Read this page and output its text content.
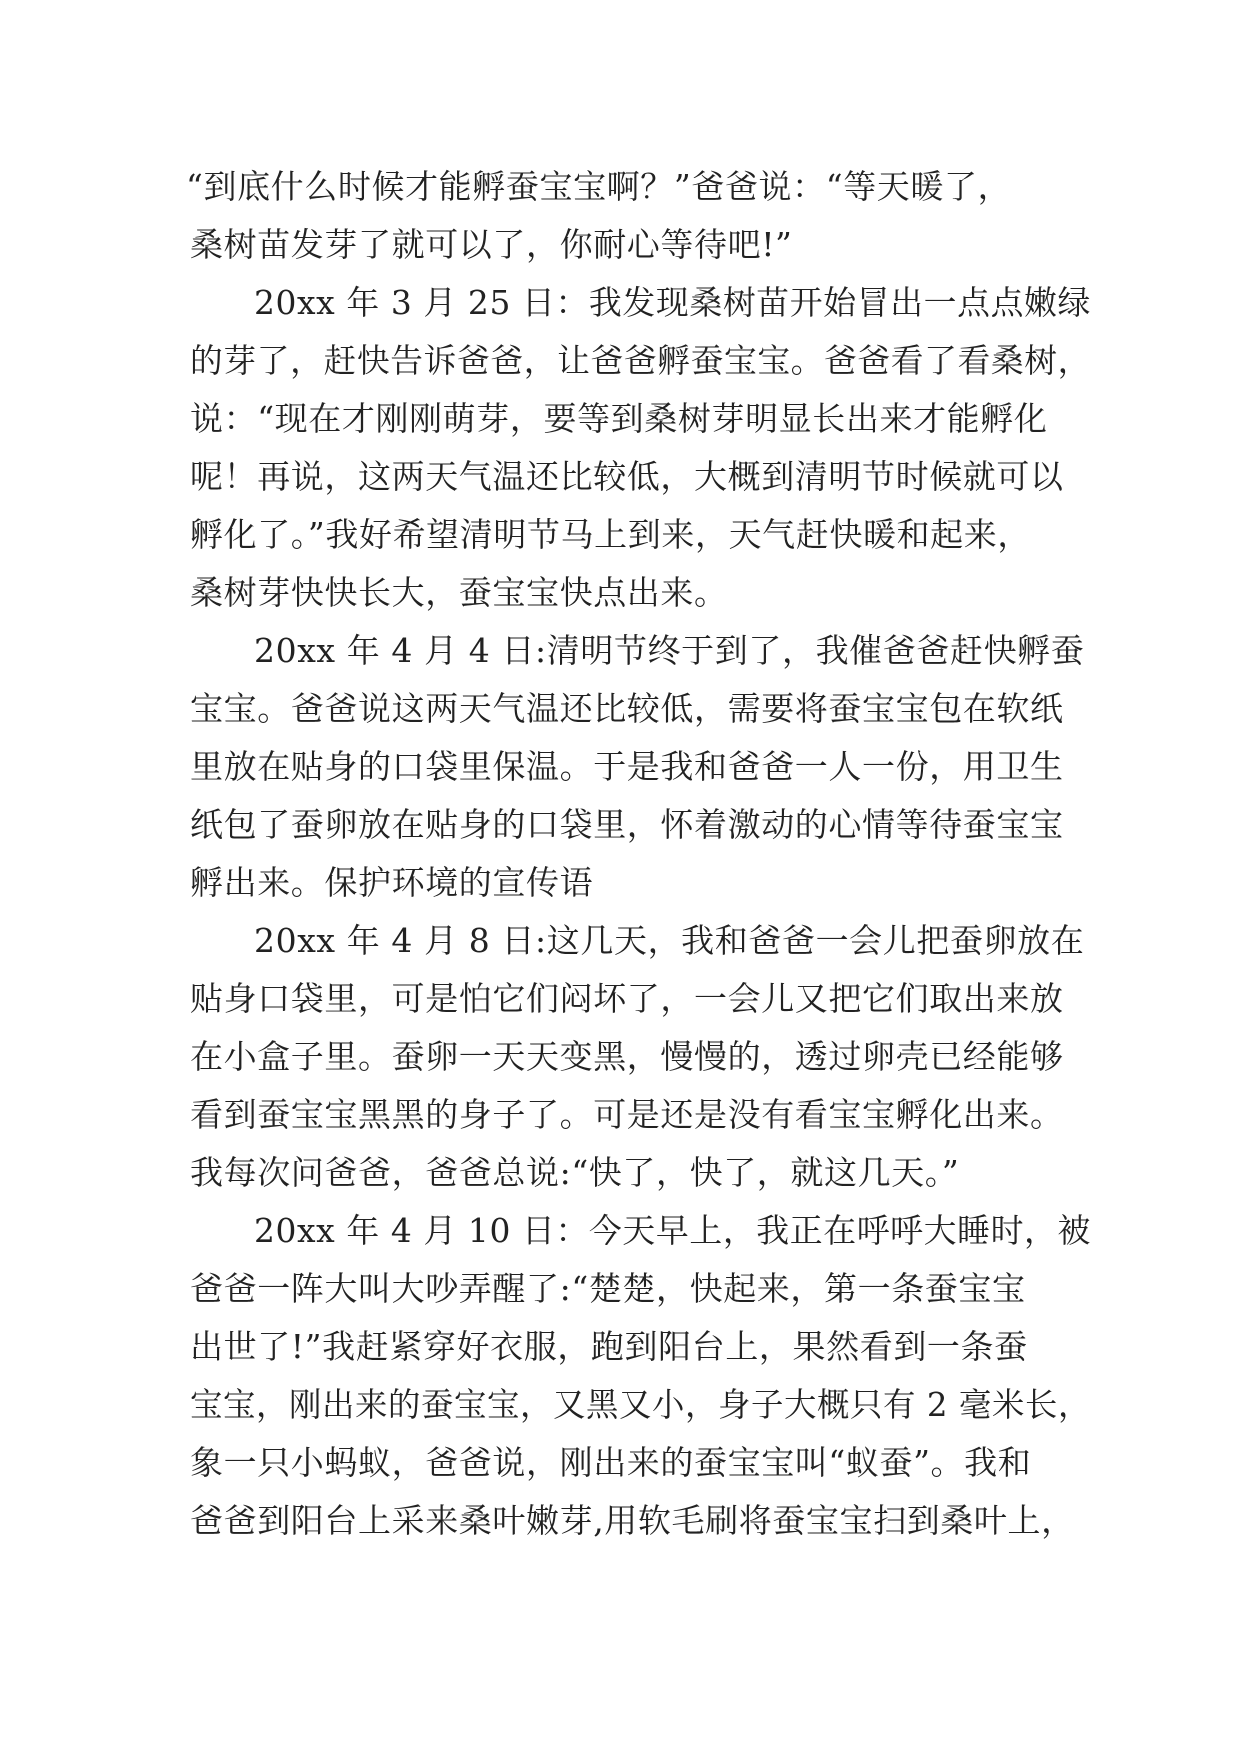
“到底什么时候才能孵蚕宝宝啊？”爸爸说：“等天暖了，
桑树苗发芽了就可以了，你耐心等待吧!”
20xx 年 3 月 25 日：我发现桑树苗开始冒出一点点嫩绿
的芽了，赶快告诉爸爸，让爸爸孵蚕宝宝。爸爸看了看桑树，
说：“现在才刚刚萌芽，要等到桑树芽明显长出来才能孵化
呢！再说，这两天气温还比较低，大概到清明节时候就可以
孵化了。”我好希望清明节马上到来，天气赶快暖和起来，
桑树芽快快长大，蚕宝宝快点出来。
20xx 年 4 月 4 日:清明节终于到了，我催爸爸赶快孵蚕
宝宝。爸爸说这两天气温还比较低，需要将蚕宝宝包在软纸
里放在贴身的口袋里保温。于是我和爸爸一人一份，用卫生
纸包了蚕卵放在贴身的口袋里，怀着激动的心情等待蚕宝宝
孵出来。保护环境的宣传语
20xx 年 4 月 8 日:这几天，我和爸爸一会儿把蚕卵放在
贴身口袋里，可是怕它们闷坏了，一会儿又把它们取出来放
在小盒子里。蚕卵一天天变黑，慢慢的，透过卵壳已经能够
看到蚕宝宝黑黑的身子了。可是还是没有看宝宝孵化出来。
我每次问爸爸，爸爸总说:“快了，快了，就这几天。”
20xx 年 4 月 10 日：今天早上，我正在呼呼大睡时，被
爸爸一阵大叫大吵弄醒了:“楚楚，快起来，第一条蚕宝宝
出世了!”我赶紧穿好衣服，跑到阳台上，果然看到一条蚕
宝宝，刚出来的蚕宝宝，又黑又小，身子大概只有 2 毫米长，
象一只小蚂蚁，爸爸说，刚出来的蚕宝宝叫“蚁蚕”。我和
爸爸到阳台上采来桑叶嫩芽,用软毛刷将蚕宝宝扫到桑叶上，
